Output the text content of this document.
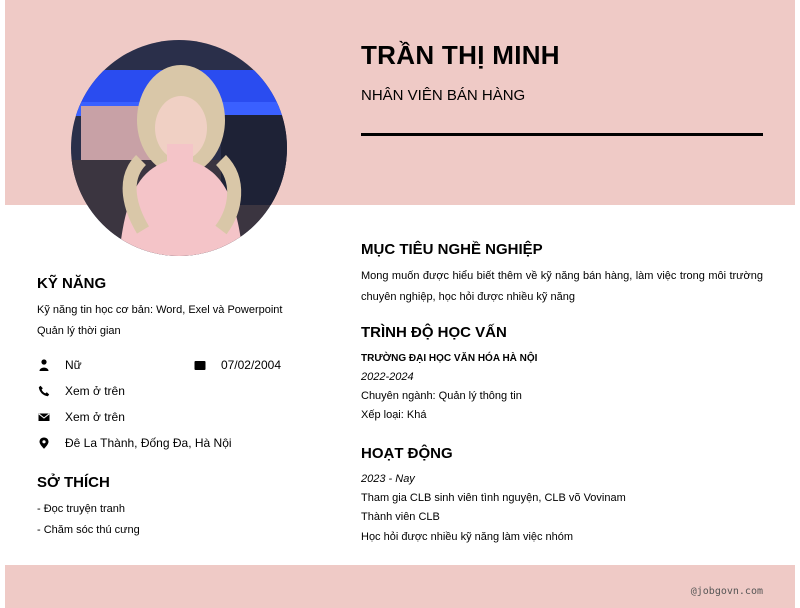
TRẦN THỊ MINH
NHÂN VIÊN BÁN HÀNG
KỸ NĂNG
Kỹ năng tin học cơ bản: Word, Exel và Powerpoint
Quản lý thời gian
Nữ	07/02/2004
Xem ở trên
Xem ở trên
Đê La Thành, Đống Đa, Hà Nội
SỞ THÍCH
- Đọc truyện tranh
- Chăm sóc thú cưng
MỤC TIÊU NGHỀ NGHIỆP
Mong muốn được hiểu biết thêm về kỹ năng bán hàng, làm việc trong môi trường chuyên nghiệp, học hỏi được nhiều kỹ năng
TRÌNH ĐỘ HỌC VẤN
TRƯỜNG ĐẠI HỌC VĂN HÓA HÀ NỘI
2022-2024
Chuyên ngành: Quản lý thông tin
Xếp loại: Khá
HOẠT ĐỘNG
2023 - Nay
Tham gia CLB sinh viên tình nguyện, CLB võ Vovinam
Thành viên CLB
Học hỏi được nhiều kỹ năng làm việc nhóm
@jobgovn.com
